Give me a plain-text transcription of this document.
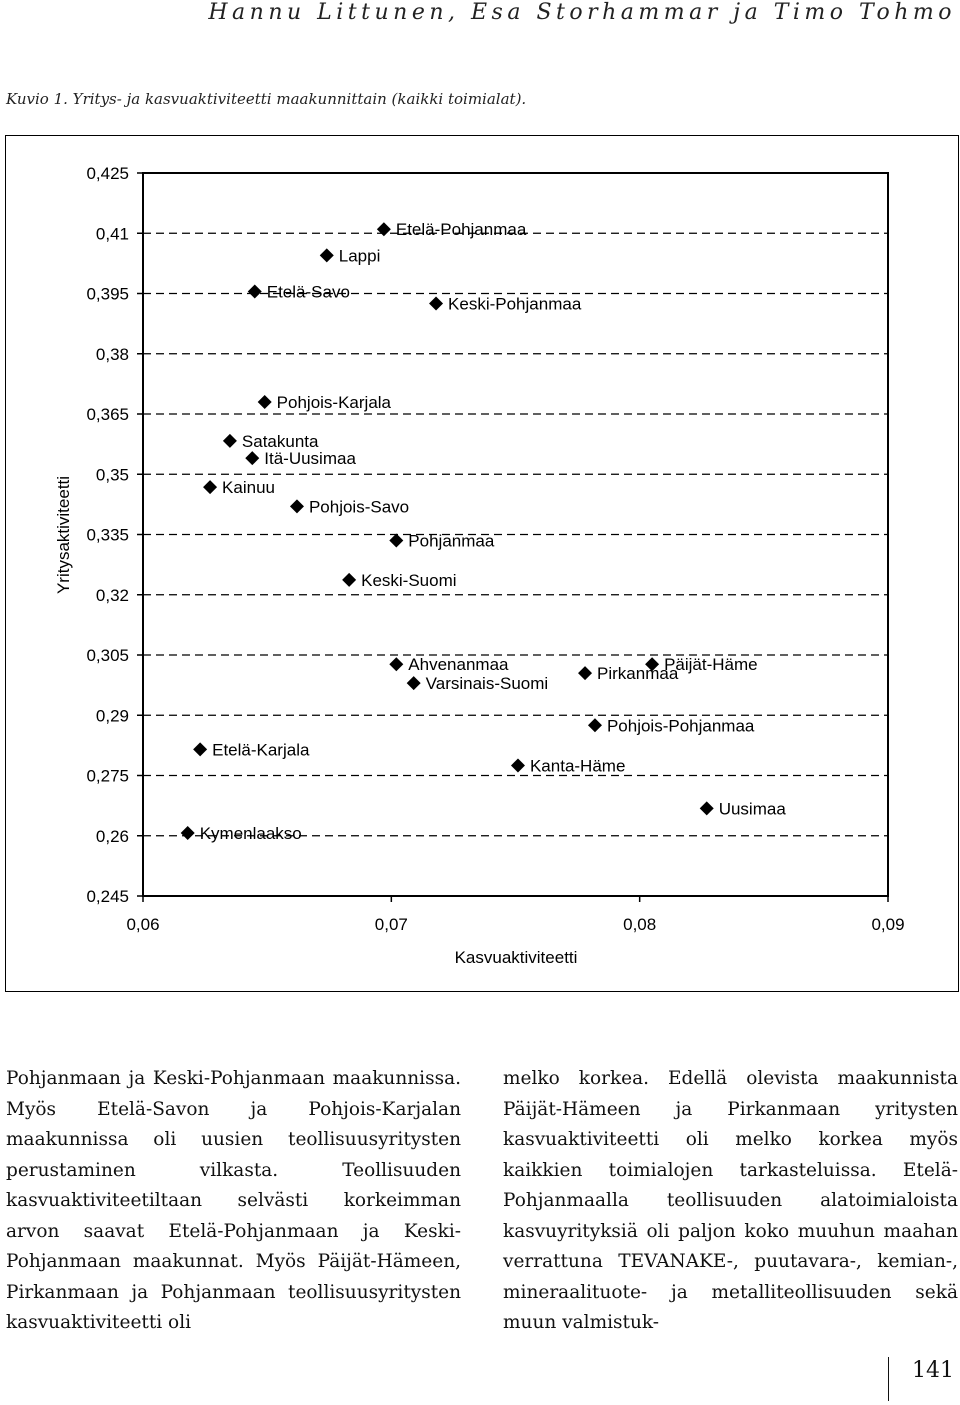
Hannu Littunen, Esa Storhammar ja Timo Tohmo

Kuvio 1. Yritys- ja kasvuaktiviteetti maakunnittain (kaikki toimialat).

0,425
0,41
0,395
0,38
0,365
0,35
0,335
0,32
0,305
0,29
0,275
0,26
0,245
0,06	0,07	0,08	0,09
Etelä-Pohjanmaa
Lappi
Etelä-Savo
Keski-Pohjanmaa
Pohjois-Karjala
Satakunta
Itä-Uusimaa
Kainuu
Pohjois-Savo
Pohjanmaa
Keski-Suomi
Ahvenanmaa	Päijät-Häme
Pirkanmaa
Varsinais-Suomi
Pohjois-Pohjanmaa
Etelä-Karjala
Kanta-Häme
Uusimaa
Kymenlaakso
Kasvuaktiviteetti
Yritysaktiviteetti

Pohjanmaan ja Keski-Pohjanmaan maakunnissa. Myös Etelä-Savon ja Pohjois-Karjalan maakunnissa oli uusien teollisuusyritysten perustaminen vilkasta. Teollisuuden kasvuaktiviteetiltaan selvästi korkeimman arvon saavat Etelä-Pohjanmaan ja Keski-Pohjanmaan maakunnat. Myös Päijät-Hämeen, Pirkanmaan ja Pohjanmaan teollisuusyritysten kasvuaktiviteetti oli

melko korkea. Edellä olevista maakunnista Päijät-Hämeen ja Pirkanmaan yritysten kasvuaktiviteetti oli melko korkea myös kaikkien toimialojen tarkasteluissa. Etelä-Pohjanmaalla teollisuuden alatoimialoista kasvuyrityksiä oli paljon koko muuhun maahan verrattuna TEVANAKE-, puutavara-, kemian-, mineraalituote- ja metalliteollisuuden sekä muun valmistuk-

141
